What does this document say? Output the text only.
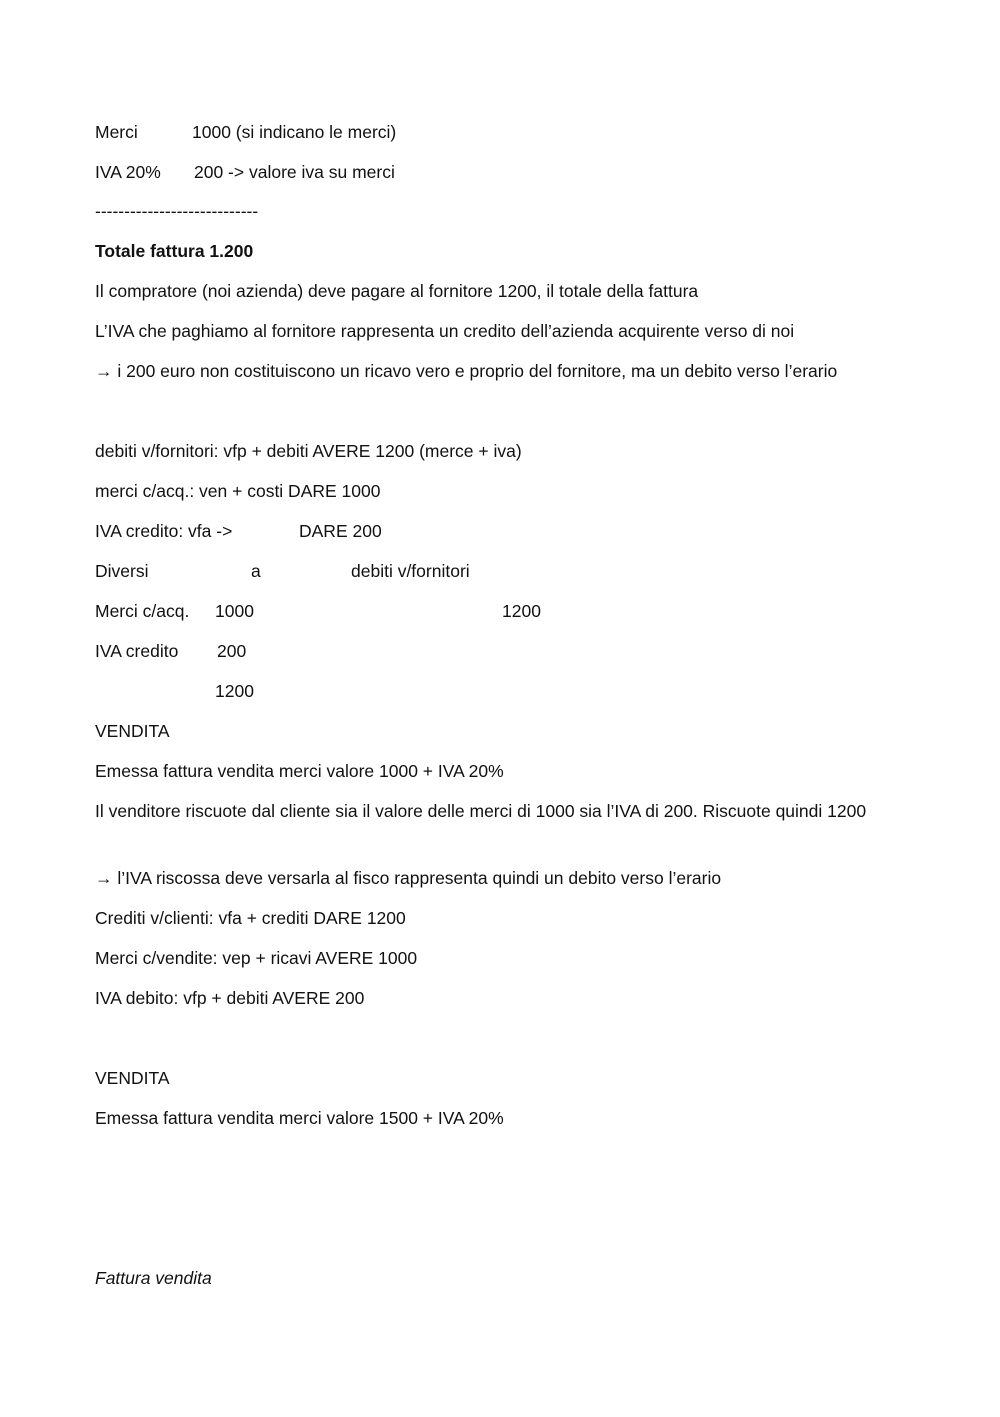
Merci	1000 (si indicano le merci)
IVA 20% 200 -> valore iva su merci
----------------------------
Totale fattura 1.200
Il compratore (noi azienda) deve pagare al fornitore 1200, il totale della fattura
L’IVA che paghiamo al fornitore rappresenta un credito dell’azienda acquirente verso di noi
→ i 200 euro non costituiscono un ricavo vero e proprio del fornitore, ma un debito verso l’erario
debiti v/fornitori: vfp + debiti AVERE 1200 (merce + iva)
merci c/acq.: ven + costi DARE 1000
IVA credito: vfa ->	DARE 200
Diversi	a	debiti v/fornitori
Merci c/acq. 1000	1200
IVA credito 200
1200
VENDITA
Emessa fattura vendita merci valore 1000 + IVA 20%
Il venditore riscuote dal cliente sia il valore delle merci di 1000 sia l’IVA di 200. Riscuote quindi 1200
→ l’IVA riscossa deve versarla al fisco rappresenta quindi un debito verso l’erario
Crediti v/clienti: vfa + crediti DARE 1200
Merci c/vendite: vep + ricavi AVERE 1000
IVA debito: vfp + debiti AVERE 200
VENDITA
Emessa fattura vendita merci valore 1500 + IVA 20%
Fattura vendita
